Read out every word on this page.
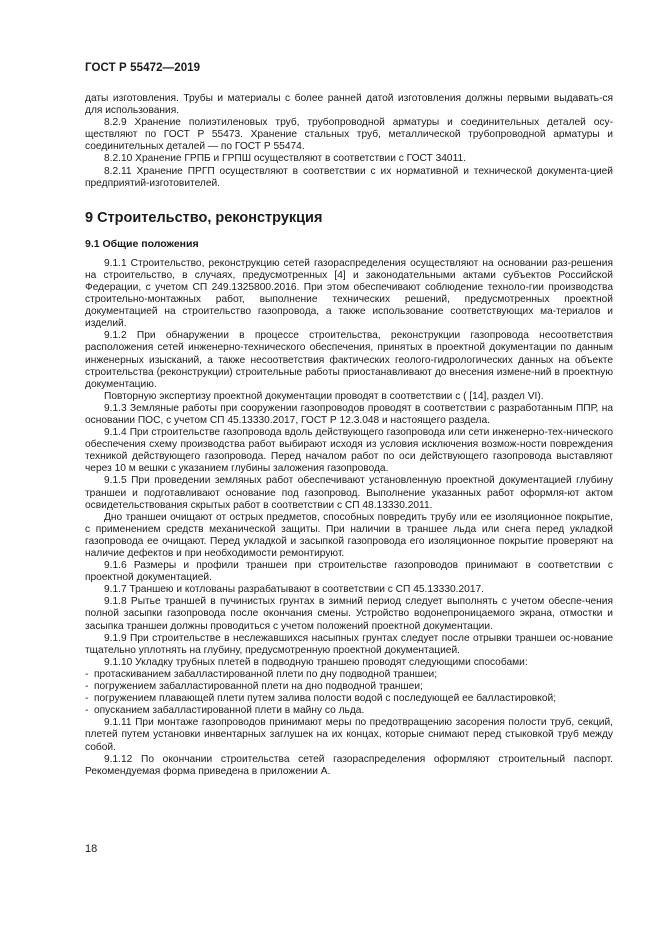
ГОСТ Р 55472—2019

даты изготовления. Трубы и материалы с более ранней датой изготовления должны первыми выдавать-ся для использования.

8.2.9 Хранение полиэтиленовых труб, трубопроводной арматуры и соединительных деталей осу-ществляют по ГОСТ Р 55473. Хранение стальных труб, металлической трубопроводной арматуры и соединительных деталей — по ГОСТ Р 55474.

8.2.10 Хранение ГРПБ и ГРПШ осуществляют в соответствии с ГОСТ 34011.

8.2.11 Хранение ПРГП осуществляют в соответствии с их нормативной и технической документа-цией предприятий-изготовителей.

9 Строительство, реконструкция
9.1 Общие положения

9.1.1 Строительство, реконструкцию сетей газораспределения осуществляют на основании раз-решения на строительство, в случаях, предусмотренных [4] и законодательными актами субъектов Российской Федерации, с учетом СП 249.1325800.2016. При этом обеспечивают соблюдение техноло-гии производства строительно-монтажных работ, выполнение технических решений, предусмотренных проектной документацией на строительство газопровода, а также использование соответствующих ма-териалов и изделий.

9.1.2 При обнаружении в процессе строительства, реконструкции газопровода несоответствия расположения сетей инженерно-технического обеспечения, принятых в проектной документации по данным инженерных изысканий, а также несоответствия фактических геолого-гидрологических данных на объекте строительства (реконструкции) строительные работы приостанавливают до внесения измене-ний в проектную документацию.

Повторную экспертизу проектной документации проводят в соответствии с ( [14], раздел VI).

9.1.3 Земляные работы при сооружении газопроводов проводят в соответствии с разработанным ППР, на основании ПОС, с учетом СП 45.13330.2017, ГОСТ Р 12.3.048 и настоящего раздела.

9.1.4 При строительстве газопровода вдоль действующего газопровода или сети инженерно-тех-нического обеспечения схему производства работ выбирают исходя из условия исключения возмож-ности повреждения техникой действующего газопровода. Перед началом работ по оси действующего газопровода выставляют через 10 м вешки с указанием глубины заложения газопровода.

9.1.5 При проведении земляных работ обеспечивают установленную проектной документацией глубину траншеи и подготавливают основание под газопровод. Выполнение указанных работ оформля-ют актом освидетельствования скрытых работ в соответствии с СП 48.13330.2011.

Дно траншеи очищают от острых предметов, способных повредить трубу или ее изоляционное покрытие, с применением средств механической защиты. При наличии в траншее льда или снега перед укладкой газопровода ее очищают. Перед укладкой и засыпкой газопровода его изоляционное покрытие проверяют на наличие дефектов и при необходимости ремонтируют.

9.1.6 Размеры и профили траншеи при строительстве газопроводов принимают в соответствии с проектной документацией.

9.1.7 Траншею и котлованы разрабатывают в соответствии с СП 45.13330.2017.

9.1.8 Рытье траншей в пучинистых грунтах в зимний период следует выполнять с учетом обеспе-чения полной засыпки газопровода после окончания смены. Устройство водонепроницаемого экрана, отмостки и засыпка траншеи должны проводиться с учетом положений проектной документации.

9.1.9 При строительстве в неслежавшихся насыпных грунтах следует после отрывки траншеи ос-нование тщательно уплотнять на глубину, предусмотренную проектной документацией.

9.1.10 Укладку трубных плетей в подводную траншею проводят следующими способами:

- протаскиванием забалластированной плети по дну подводной траншеи;
- погружением забалластированной плети на дно подводной траншеи;
- погружением плавающей плети путем залива полости водой с последующей ее балластировкой;
- опусканием забалластированной плети в майну со льда.

9.1.11 При монтаже газопроводов принимают меры по предотвращению засорения полости труб, секций, плетей путем установки инвентарных заглушек на их концах, которые снимают перед стыковкой труб между собой.

9.1.12 По окончании строительства сетей газораспределения оформляют строительный паспорт. Рекомендуемая форма приведена в приложении А.

18
